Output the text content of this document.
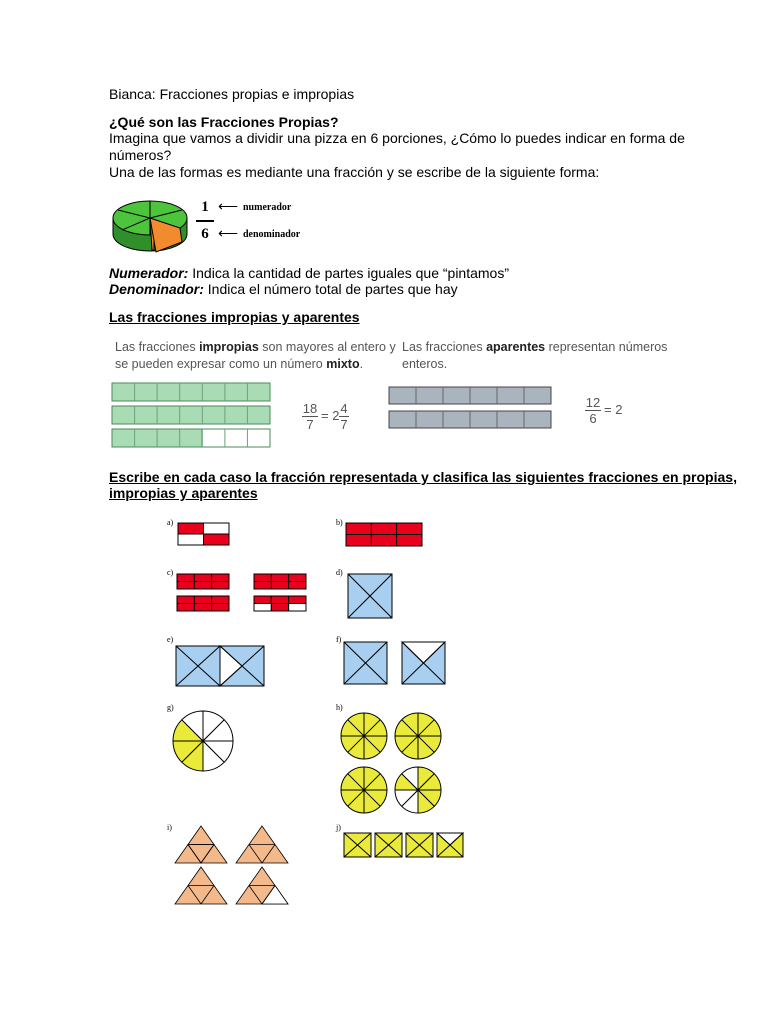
Bianca: Fracciones propias e impropias
¿Qué son las Fracciones Propias?
Imagina que vamos a dividir una pizza en 6 porciones, ¿Cómo lo puedes indicar en forma de
números?
Una de las formas es mediante una fracción y se escribe de la siguiente forma:
1
6
⟵
⟵
numerador
denominador
Numerador: Indica la cantidad de partes iguales que “pintamos”
Denominador: Indica el número total de partes que hay
Las fracciones impropias y aparentes
Las fracciones impropias son mayores al entero y
se pueden expresar como un número mixto.
18
7
= 2 4
7
Las fracciones aparentes representan números
enteros.
12
6
= 2
Escribe en cada caso la fracción representada y clasifica las siguientes fracciones en propias,
impropias y aparentes
a)	b)
c)	d)
e)	f)
g)	h)
i)	j)
